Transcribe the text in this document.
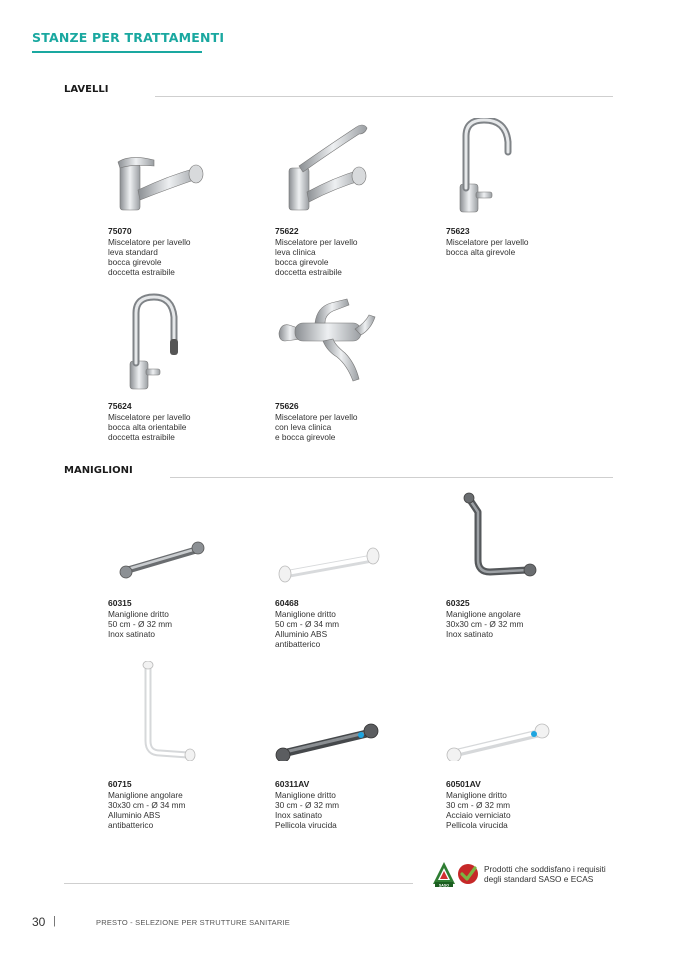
STANZE PER TRATTAMENTI
LAVELLI
75070
Miscelatore per lavello
leva standard
bocca girevole
doccetta estraibile
75622
Miscelatore per lavello
leva clinica
bocca girevole
doccetta estraibile
75623
Miscelatore per lavello
bocca alta girevole
75624
Miscelatore per lavello
bocca alta orientabile
doccetta estraibile
75626
Miscelatore per lavello
con leva clinica
e bocca girevole
MANIGLIONI
60315
Maniglione dritto
50 cm - Ø 32 mm
Inox satinato
60468
Maniglione dritto
50 cm - Ø 34 mm
Alluminio ABS
antibatterico
60325
Maniglione angolare
30x30 cm - Ø 32 mm
Inox satinato
60715
Maniglione angolare
30x30 cm - Ø 34 mm
Alluminio ABS
antibatterico
60311AV
Maniglione dritto
30 cm - Ø 32 mm
Inox satinato
Pellicola virucida
60501AV
Maniglione dritto
30 cm - Ø 32 mm
Acciaio verniciato
Pellicola virucida
SASO
Prodotti che soddisfano i requisiti
degli standard SASO e ECAS
30 |	PRESTO - SELEZIONE PER STRUTTURE SANITARIE
